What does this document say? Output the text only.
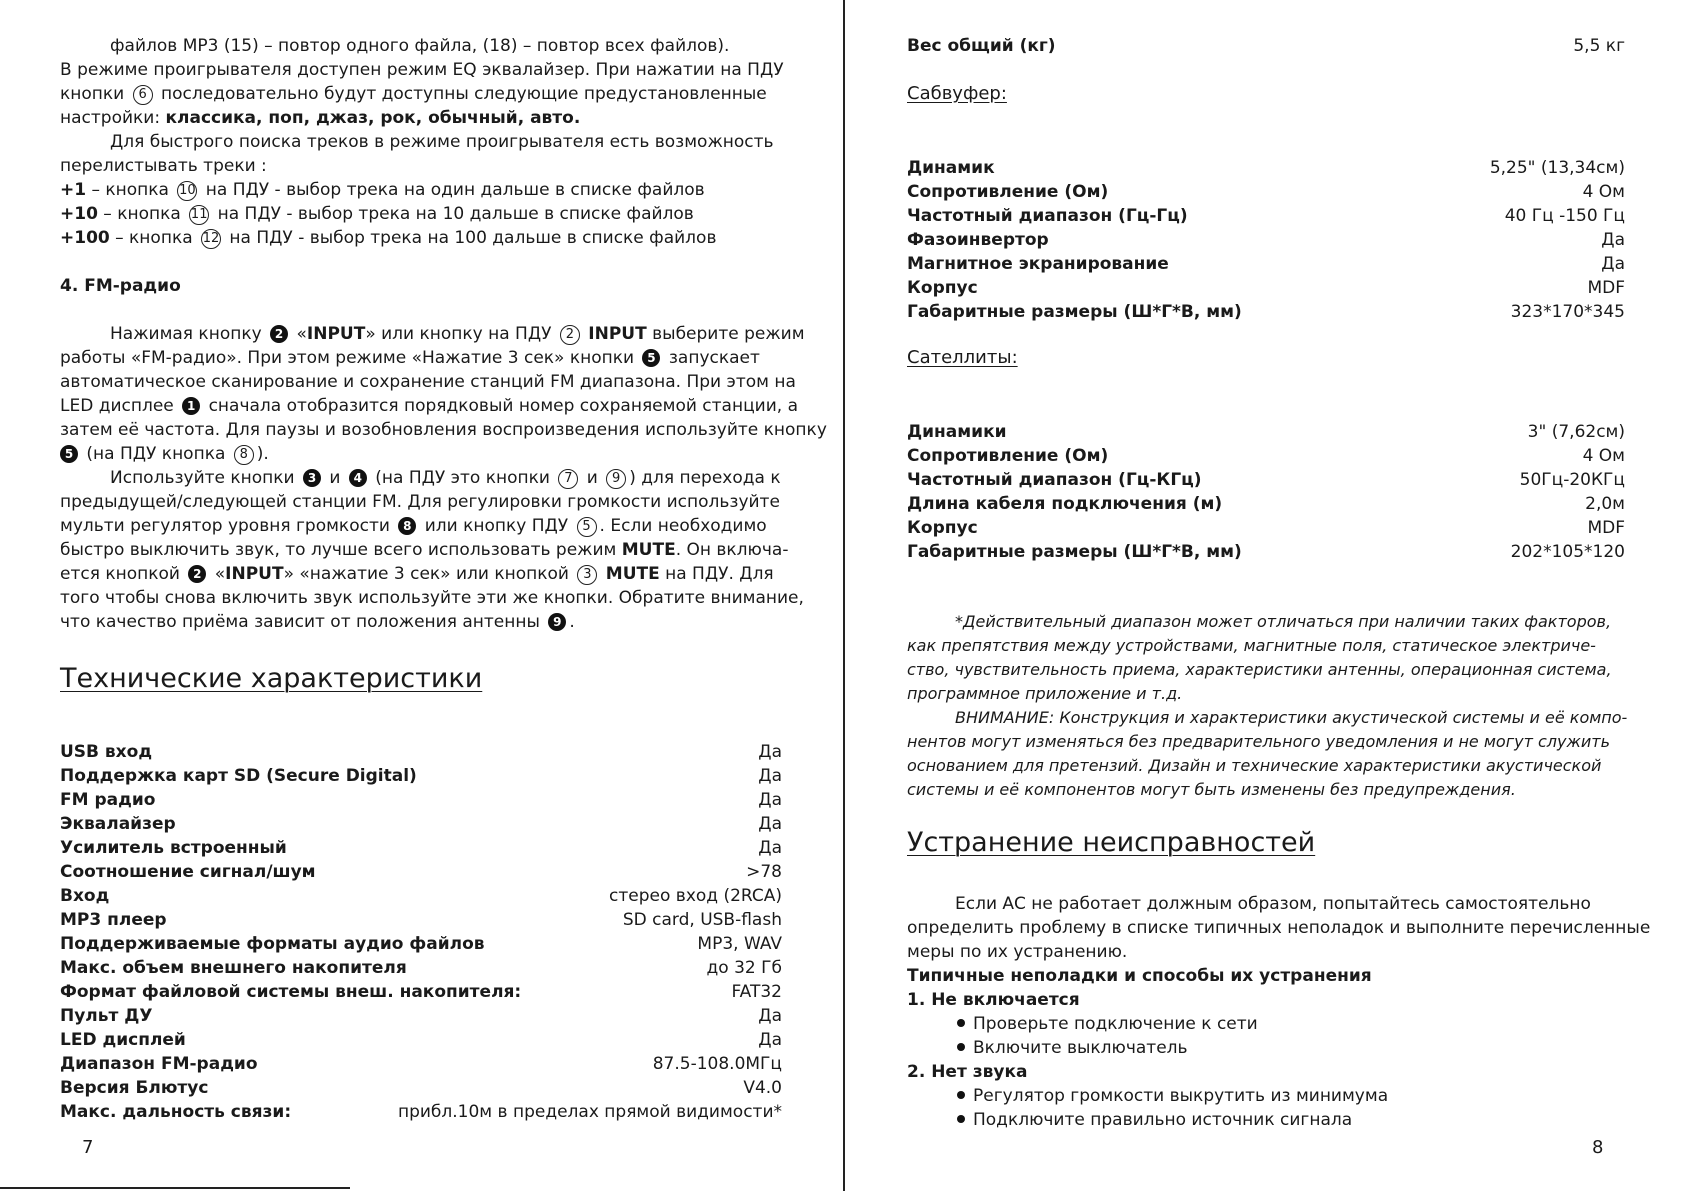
файлов MP3 (15) – повтор одного файла, (18) – повтор всех файлов).
В режиме проигрывателя доступен режим EQ эквалайзер. При нажатии на ПДУ
кнопки 6 последовательно будут доступны следующие предустановленные
настройки: классика, поп, джаз, рок, обычный, авто.
Для быстрого поиска треков в режиме проигрывателя есть возможность
перелистывать треки :
+1 – кнопка 10 на ПДУ - выбор трека на один дальше в списке файлов
+10 – кнопка 11 на ПДУ - выбор трека на 10 дальше в списке файлов
+100 – кнопка 12 на ПДУ - выбор трека на 100 дальше в списке файлов
4. FM-радио
Нажимая кнопку 2 «INPUT» или кнопку на ПДУ 2 INPUT выберите режим
работы «FM-радио». При этом режиме «Нажатие 3 сек» кнопки 5 запускает
автоматическое сканирование и сохранение станций FM диапазона. При этом на
LED дисплее 1 сначала отобразится порядковый номер сохраняемой станции, а
затем её частота. Для паузы и возобновления воспроизведения используйте кнопку
5 (на ПДУ кнопка 8 ).
Используйте кнопки 3 и 4 (на ПДУ это кнопки 7 и 9 ) для перехода к
предыдущей/следующей станции FM. Для регулировки громкости используйте
мульти регулятор уровня громкости 8 или кнопку ПДУ 5 . Если необходимо
быстро выключить звук, то лучше всего использовать режим MUTE. Он включа-
ется кнопкой 2 «INPUT» «нажатие 3 сек» или кнопкой 3 MUTE на ПДУ. Для
того чтобы снова включить звук используйте эти же кнопки. Обратите внимание,
что качество приёма зависит от положения антенны 9 .
Технические характеристики
USB вход	Да
Поддержка карт SD (Secure Digital)	Да
FM радио	Да
Эквалайзер	Да
Усилитель встроенный	Да
Соотношение сигнал/шум	>78
Вход	стерео вход (2RCA)
MP3 плеер	SD card, USB-flash
Поддерживаемые форматы аудио файлов	MP3, WAV
Макс. объем внешнего накопителя	до 32 Гб
Формат файловой системы внеш. накопителя:	FAT32
Пульт ДУ	Да
LED дисплей	Да
Диапазон FM-радио	87.5-108.0МГц
Версия Блютус	V4.0
Макс. дальность связи:	прибл.10м в пределах прямой видимости*
7
Вес общий (кг)	5,5 кг
Сабвуфер:
Динамик	5,25" (13,34см)
Сопротивление (Ом)	4 Ом
Частотный диапазон (Гц-Гц)	40 Гц -150 Гц
Фазоинвертор	Да
Магнитное экранирование	Да
Корпус	MDF
Габаритные размеры (Ш*Г*В, мм)	323*170*345
Сателлиты:
Динамики	3" (7,62см)
Сопротивление (Ом)	4 Ом
Частотный диапазон (Гц-КГц)	50Гц-20КГц
Длина кабеля подключения (м)	2,0м
Корпус	MDF
Габаритные размеры (Ш*Г*В, мм)	202*105*120
*Действительный диапазон может отличаться при наличии таких факторов,
как препятствия между устройствами, магнитные поля, статическое электриче-
ство, чувствительность приема, характеристики антенны, операционная система,
программное приложение и т.д.
ВНИМАНИЕ: Конструкция и характеристики акустической системы и её компо-
нентов могут изменяться без предварительного уведомления и не могут служить
основанием для претензий. Дизайн и технические характеристики акустической
системы и её компонентов могут быть изменены без предупреждения.
Устранение неисправностей
Если АС не работает должным образом, попытайтесь самостоятельно
определить проблему в списке типичных неполадок и выполните перечисленные
меры по их устранению.
Типичные неполадки и способы их устранения
1. Не включается
Проверьте подключение к сети
Включите выключатель
2. Нет звука
Регулятор громкости выкрутить из минимума
Подключите правильно источник сигнала
8
